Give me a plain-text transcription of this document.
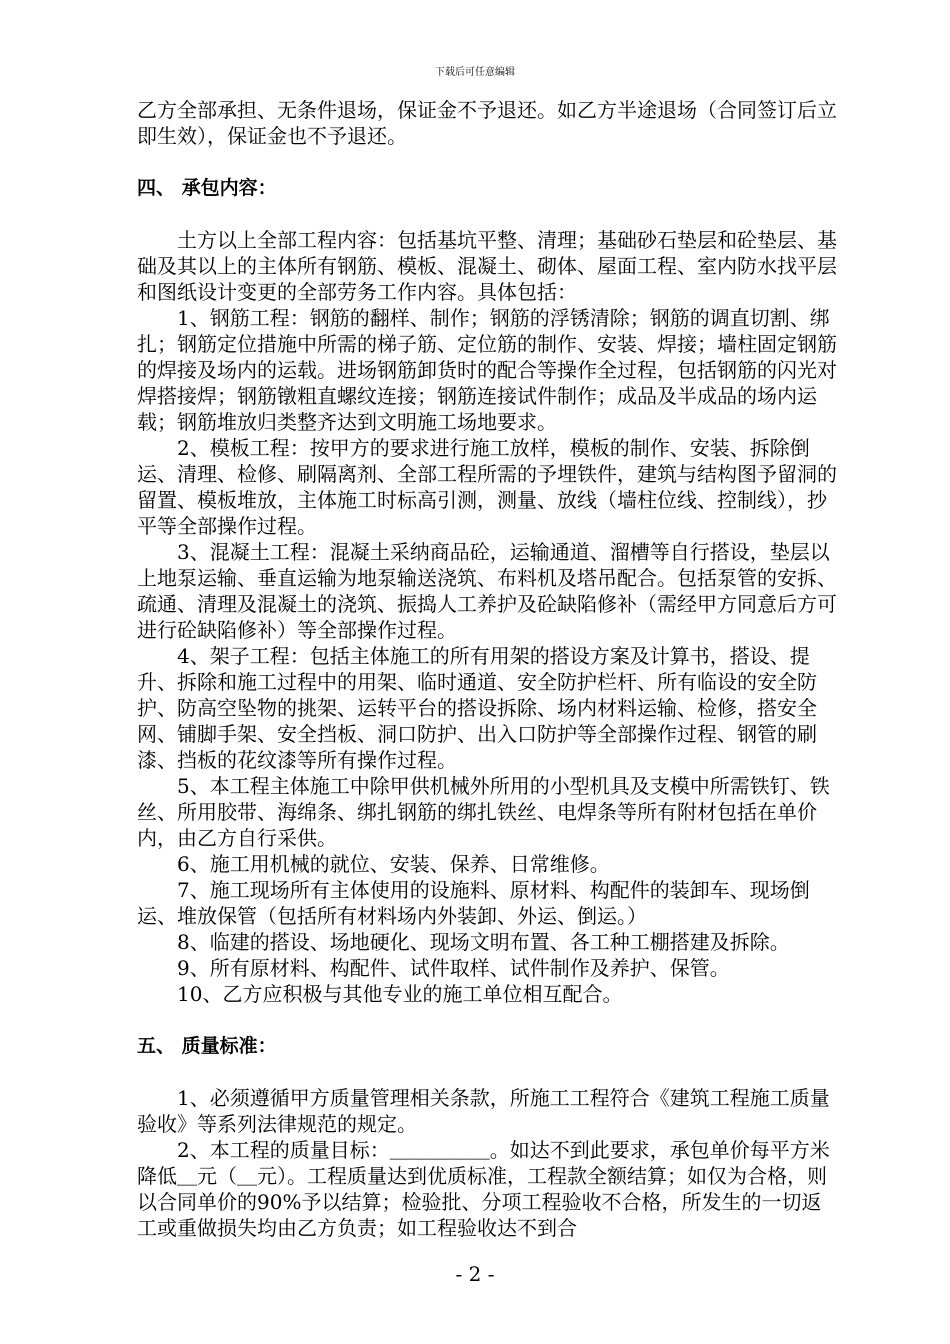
下载后可任意编辑

乙方全部承担、无条件退场，保证金不予退还。如乙方半途退场（合同签订后立即生效），保证金也不予退还。

四、 承包内容：

土方以上全部工程内容：包括基坑平整、清理；基础砂石垫层和砼垫层、基础及其以上的主体所有钢筋、模板、混凝土、砌体、屋面工程、室内防水找平层和图纸设计变更的全部劳务工作内容。具体包括：

1、钢筋工程：钢筋的翻样、制作；钢筋的浮锈清除；钢筋的调直切割、绑扎；钢筋定位措施中所需的梯子筋、定位筋的制作、安装、焊接；墙柱固定钢筋的焊接及场内的运载。进场钢筋卸货时的配合等操作全过程，包括钢筋的闪光对焊搭接焊；钢筋镦粗直螺纹连接；钢筋连接试件制作；成品及半成品的场内运载；钢筋堆放归类整齐达到文明施工场地要求。

2、模板工程：按甲方的要求进行施工放样，模板的制作、安装、拆除倒运、清理、检修、刷隔离剂、全部工程所需的予埋铁件，建筑与结构图予留洞的留置、模板堆放，主体施工时标高引测，测量、放线（墙柱位线、控制线），抄平等全部操作过程。

3、混凝土工程：混凝土采纳商品砼，运输通道、溜槽等自行搭设，垫层以上地泵运输、垂直运输为地泵输送浇筑、布料机及塔吊配合。包括泵管的安拆、疏通、清理及混凝土的浇筑、振捣人工养护及砼缺陷修补（需经甲方同意后方可进行砼缺陷修补）等全部操作过程。

4、架子工程：包括主体施工的所有用架的搭设方案及计算书，搭设、提升、拆除和施工过程中的用架、临时通道、安全防护栏杆、所有临设的安全防护、防高空坠物的挑架、运转平台的搭设拆除、场内材料运输、检修，搭安全网、铺脚手架、安全挡板、洞口防护、出入口防护等全部操作过程、钢管的刷漆、挡板的花纹漆等所有操作过程。

5、本工程主体施工中除甲供机械外所用的小型机具及支模中所需铁钉、铁丝、所用胶带、海绵条、绑扎钢筋的绑扎铁丝、电焊条等所有附材包括在单价内，由乙方自行采供。

6、施工用机械的就位、安装、保养、日常维修。

7、施工现场所有主体使用的设施料、原材料、构配件的装卸车、现场倒运、堆放保管（包括所有材料场内外装卸、外运、倒运。）

8、临建的搭设、场地硬化、现场文明布置、各工种工棚搭建及拆除。

9、所有原材料、构配件、试件取样、试件制作及养护、保管。

10、乙方应积极与其他专业的施工单位相互配合。

五、 质量标准：

1、必须遵循甲方质量管理相关条款，所施工工程符合《建筑工程施工质量验收》等系列法律规范的规定。

2、本工程的质量目标：＿＿＿＿＿。如达不到此要求，承包单价每平方米降低＿元（＿元）。工程质量达到优质标准，工程款全额结算；如仅为合格，则以合同单价的90%予以结算；检验批、分项工程验收不合格，所发生的一切返工或重做损失均由乙方负责；如工程验收达不到合

- 2 -
